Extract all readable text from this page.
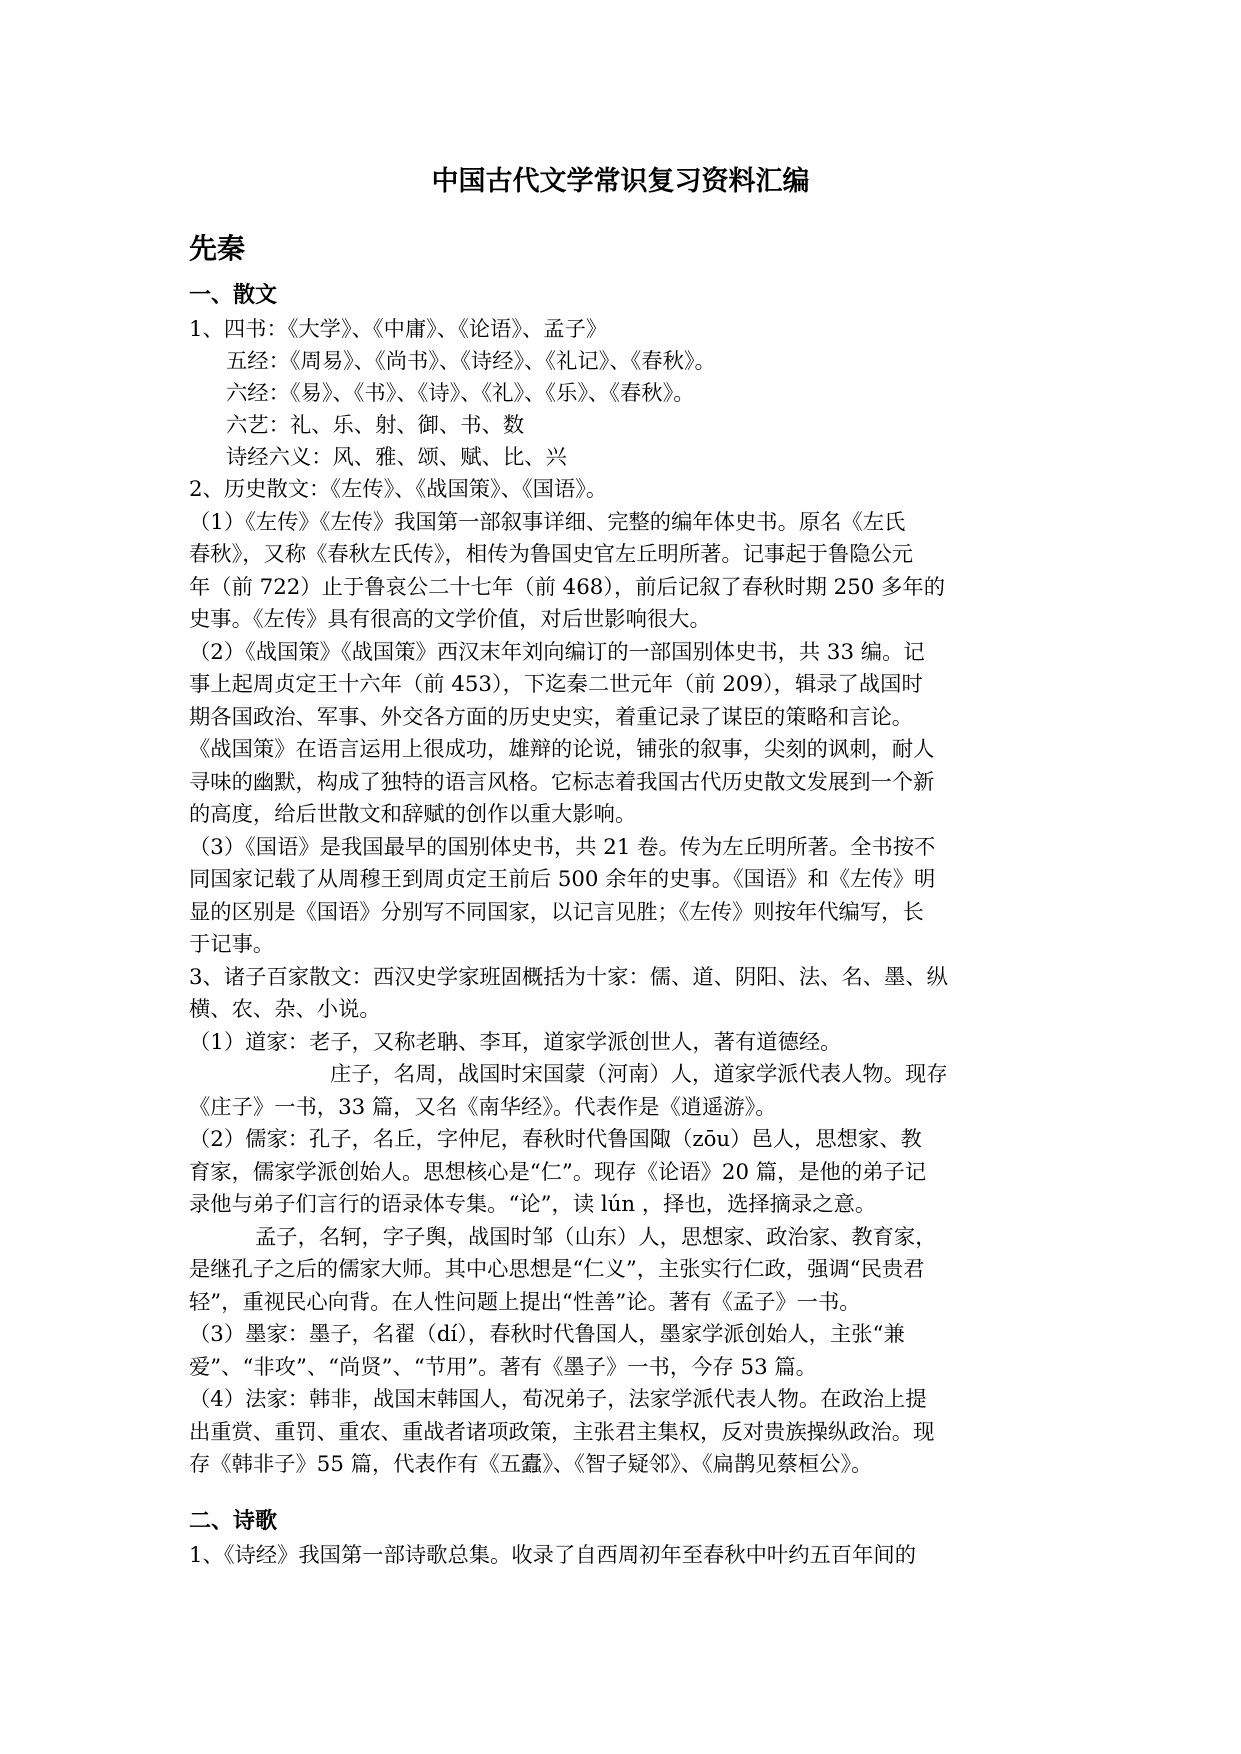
中国古代文学常识复习资料汇编
先秦
一、散文
1、四书：《大学》、《中庸》、《论语》、孟子》
五经：《周易》、《尚书》、《诗经》、《礼记》、《春秋》。
六经：《易》、《书》、《诗》、《礼》、《乐》、《春秋》。
六艺：礼、乐、射、御、书、数
诗经六义：风、雅、颂、赋、比、兴
2、历史散文：《左传》、《战国策》、《国语》。
（1）《左传》《左传》我国第一部叙事详细、完整的编年体史书。原名《左氏
春秋》，又称《春秋左氏传》，相传为鲁国史官左丘明所著。记事起于鲁隐公元
年（前 722）止于鲁哀公二十七年（前 468），前后记叙了春秋时期 250 多年的
史事。《左传》具有很高的文学价值，对后世影响很大。
（2）《战国策》《战国策》西汉末年刘向编订的一部国别体史书，共 33 编。记
事上起周贞定王十六年（前 453），下迄秦二世元年（前 209），辑录了战国时
期各国政治、军事、外交各方面的历史史实，着重记录了谋臣的策略和言论。
《战国策》在语言运用上很成功，雄辩的论说，铺张的叙事，尖刻的讽刺，耐人
寻味的幽默，构成了独特的语言风格。它标志着我国古代历史散文发展到一个新
的高度，给后世散文和辞赋的创作以重大影响。
（3）《国语》是我国最早的国别体史书，共 21 卷。传为左丘明所著。全书按不
同国家记载了从周穆王到周贞定王前后 500 余年的史事。《国语》和《左传》明
显的区别是《国语》分别写不同国家，以记言见胜；《左传》则按年代编写，长
于记事。
3、诸子百家散文：西汉史学家班固概括为十家：儒、道、阴阳、法、名、墨、纵
横、农、杂、小说。
（1）道家：老子，又称老聃、李耳，道家学派创世人，著有道德经。
庄子，名周，战国时宋国蒙（河南）人，道家学派代表人物。现存
《庄子》一书，33 篇，又名《南华经》。代表作是《逍遥游》。
（2）儒家：孔子，名丘，字仲尼，春秋时代鲁国陬（zōu）邑人，思想家、教
育家，儒家学派创始人。思想核心是“仁”。现存《论语》20 篇，是他的弟子记
录他与弟子们言行的语录体专集。“论”，读 lún ，择也，选择摘录之意。
孟子，名轲，字子舆，战国时邹（山东）人，思想家、政治家、教育家，
是继孔子之后的儒家大师。其中心思想是“仁义”，主张实行仁政，强调“民贵君
轻”，重视民心向背。在人性问题上提出“性善”论。著有《孟子》一书。
（3）墨家：墨子，名翟（dí），春秋时代鲁国人，墨家学派创始人，主张“兼
爱”、“非攻”、“尚贤”、“节用”。著有《墨子》一书，今存 53 篇。
（4）法家：韩非，战国末韩国人，荀况弟子，法家学派代表人物。在政治上提
出重赏、重罚、重农、重战者诸项政策，主张君主集权，反对贵族操纵政治。现
存《韩非子》55 篇，代表作有《五蠹》、《智子疑邻》、《扁鹊见蔡桓公》。
二、诗歌
1、《诗经》我国第一部诗歌总集。收录了自西周初年至春秋中叶约五百年间的
